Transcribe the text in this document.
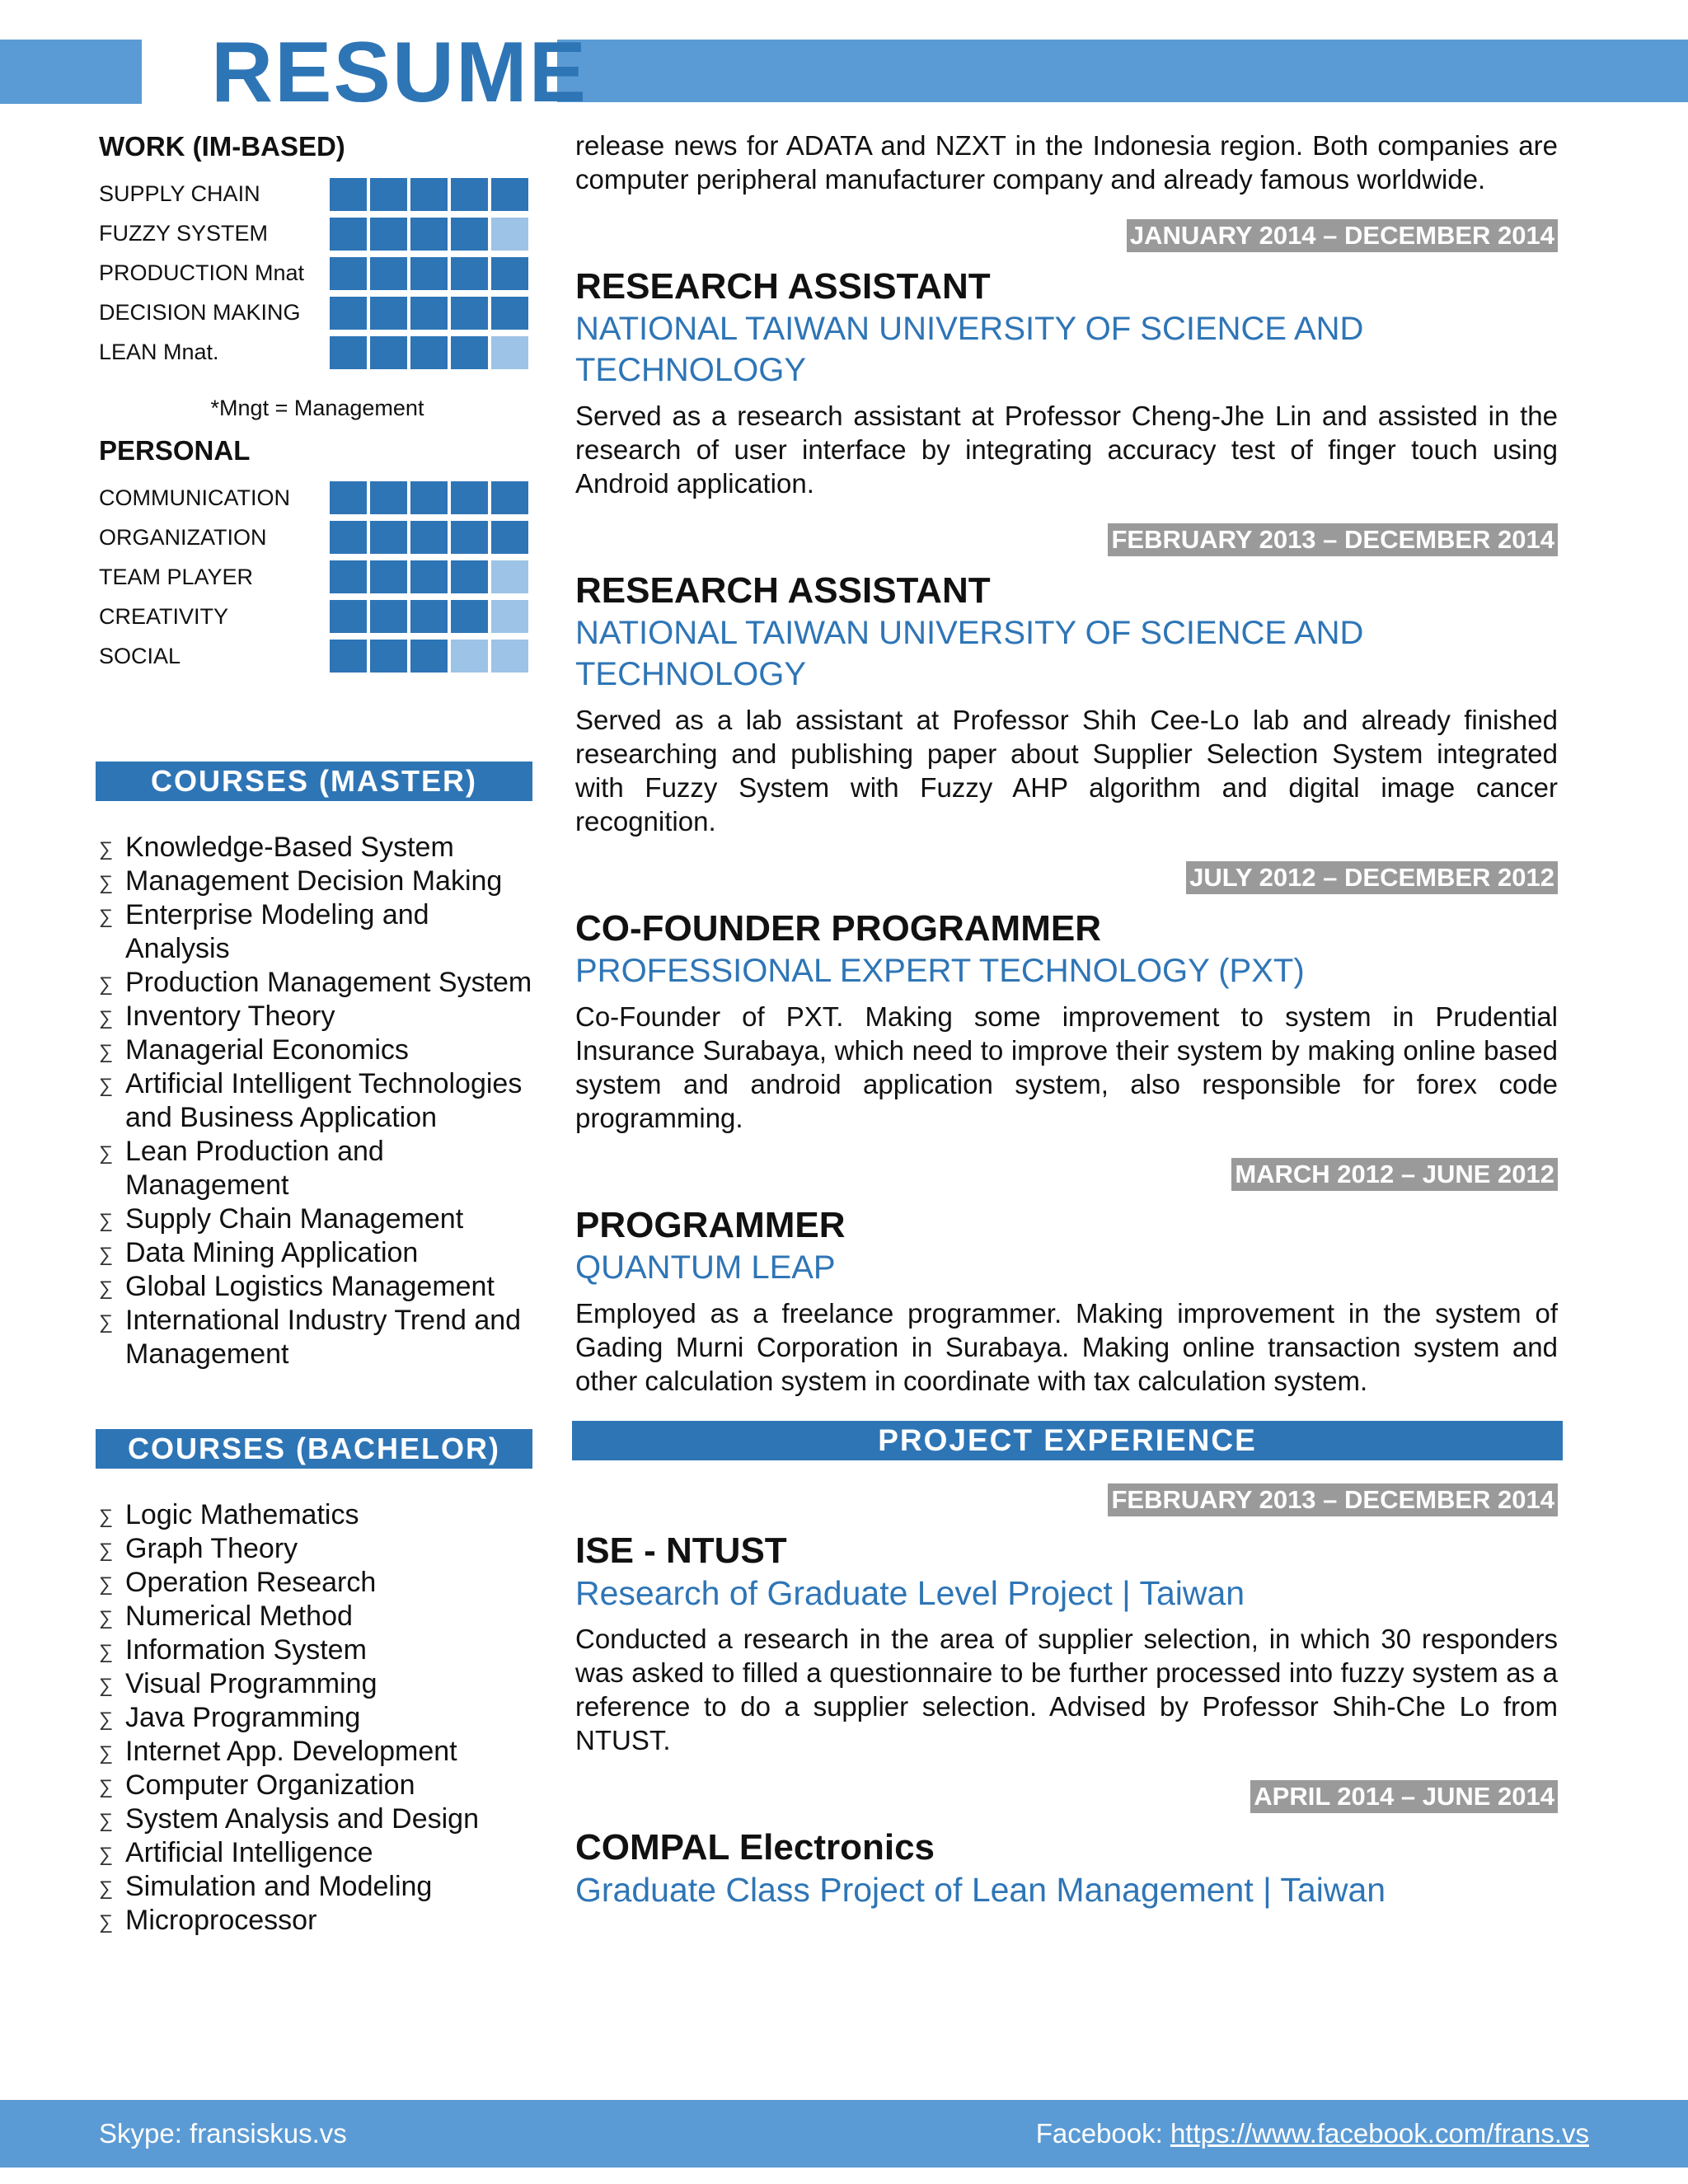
RESUME
WORK (IM-BASED)
SUPPLY CHAIN
FUZZY SYSTEM
PRODUCTION Mnat
DECISION MAKING
LEAN Mnat.
*Mngt = Management
PERSONAL
COMMUNICATION
ORGANIZATION
TEAM PLAYER
CREATIVITY
SOCIAL
COURSES (MASTER)
∑ Knowledge-Based System
∑ Management Decision Making
∑ Enterprise Modeling and Analysis
∑ Production Management System
∑ Inventory Theory
∑ Managerial Economics
∑ Artificial Intelligent Technologies and Business Application
∑ Lean Production and Management
∑ Supply Chain Management
∑ Data Mining Application
∑ Global Logistics Management
∑ International Industry Trend and Management
COURSES (BACHELOR)
∑ Logic Mathematics
∑ Graph Theory
∑ Operation Research
∑ Numerical Method
∑ Information System
∑ Visual Programming
∑ Java Programming
∑ Internet App. Development
∑ Computer Organization
∑ System Analysis and Design
∑ Artificial Intelligence
∑ Simulation and Modeling
∑ Microprocessor

release news for ADATA and NZXT in the Indonesia region. Both companies are computer peripheral manufacturer company and already famous worldwide.

JANUARY 2014 – DECEMBER 2014
RESEARCH ASSISTANT

NATIONAL TAIWAN UNIVERSITY OF SCIENCE AND TECHNOLOGY

Served as a research assistant at Professor Cheng-Jhe Lin and assisted in the research of user interface by integrating accuracy test of finger touch using Android application.

FEBRUARY 2013 – DECEMBER 2014
RESEARCH ASSISTANT

NATIONAL TAIWAN UNIVERSITY OF SCIENCE AND TECHNOLOGY

Served as a lab assistant at Professor Shih Cee-Lo lab and already finished researching and publishing paper about Supplier Selection System integrated with Fuzzy System with Fuzzy AHP algorithm and digital image cancer recognition.

JULY 2012 – DECEMBER 2012
CO-FOUNDER PROGRAMMER

PROFESSIONAL EXPERT TECHNOLOGY (PXT)

Co-Founder of PXT. Making some improvement to system in Prudential Insurance Surabaya, which need to improve their system by making online based system and android application system, also responsible for forex code programming.

MARCH 2012 – JUNE 2012
PROGRAMMER

QUANTUM LEAP

Employed as a freelance programmer. Making improvement in the system of Gading Murni Corporation in Surabaya. Making online transaction system and other calculation system in coordinate with tax calculation system.

PROJECT EXPERIENCE
FEBRUARY 2013 – DECEMBER 2014
ISE - NTUST

Research of Graduate Level Project | Taiwan

Conducted a research in the area of supplier selection, in which 30 responders was asked to filled a questionnaire to be further processed into fuzzy system as a reference to do a supplier selection. Advised by Professor Shih-Che Lo from NTUST.

APRIL 2014 – JUNE 2014
COMPAL Electronics

Graduate Class Project of Lean Management | Taiwan

Skype: fransiskus.vs	Facebook: https://www.facebook.com/frans.vs
